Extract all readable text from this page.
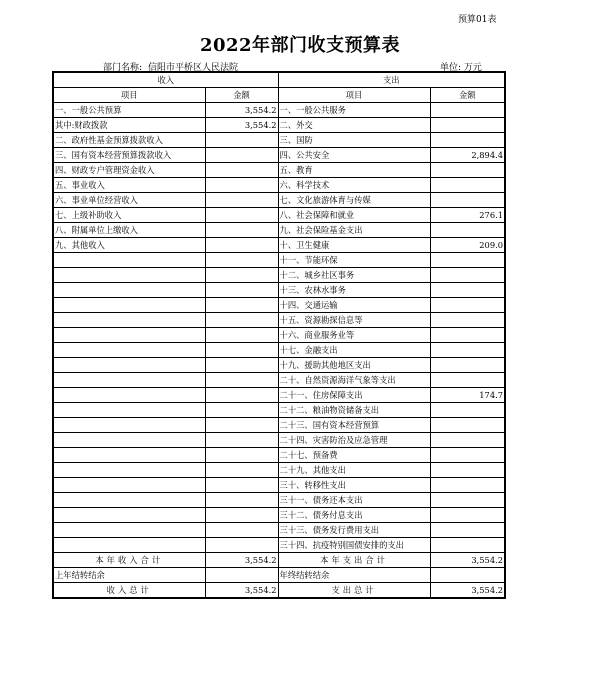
预算01表
2022年部门收支预算表
部门名称: 信阳市平桥区人民法院	单位: 万元
收入		支出	
项目	金额	项目	金额
一、一般公共预算	3,554.2	一、一般公共服务	
其中:财政拨款	3,554.2	二、外交	
二、政府性基金预算拨款收入		三、国防	
三、国有资本经营预算拨款收入		四、公共安全	2,894.4
四、财政专户管理资金收入		五、教育	
五、事业收入		六、科学技术	
六、事业单位经营收入		七、文化旅游体育与传媒	
七、上级补助收入		八、社会保障和就业	276.1
八、附属单位上缴收入		九、社会保险基金支出	
九、其他收入		十、卫生健康	209.0
		十一、节能环保	
		十二、城乡社区事务	
		十三、农林水事务	
		十四、交通运输	
		十五、资源勘探信息等	
		十六、商业服务业等	
		十七、金融支出	
		十九、援助其他地区支出	
		二十、自然资源海洋气象等支出	
		二十一、住房保障支出	174.7
		二十二、粮油物资储备支出	
		二十三、国有资本经营预算	
		二十四、灾害防治及应急管理	
		二十七、预备费	
		二十九、其他支出	
		三十、转移性支出	
		三十一、债务还本支出	
		三十二、债务付息支出	
		三十三、债务发行费用支出	
		三十四、抗疫特别国债安排的支出	
本年收入合计	3,554.2	本年支出合计	3,554.2
上年结转结余		年终结转结余	
收入总计	3,554.2	支出总计	3,554.2
